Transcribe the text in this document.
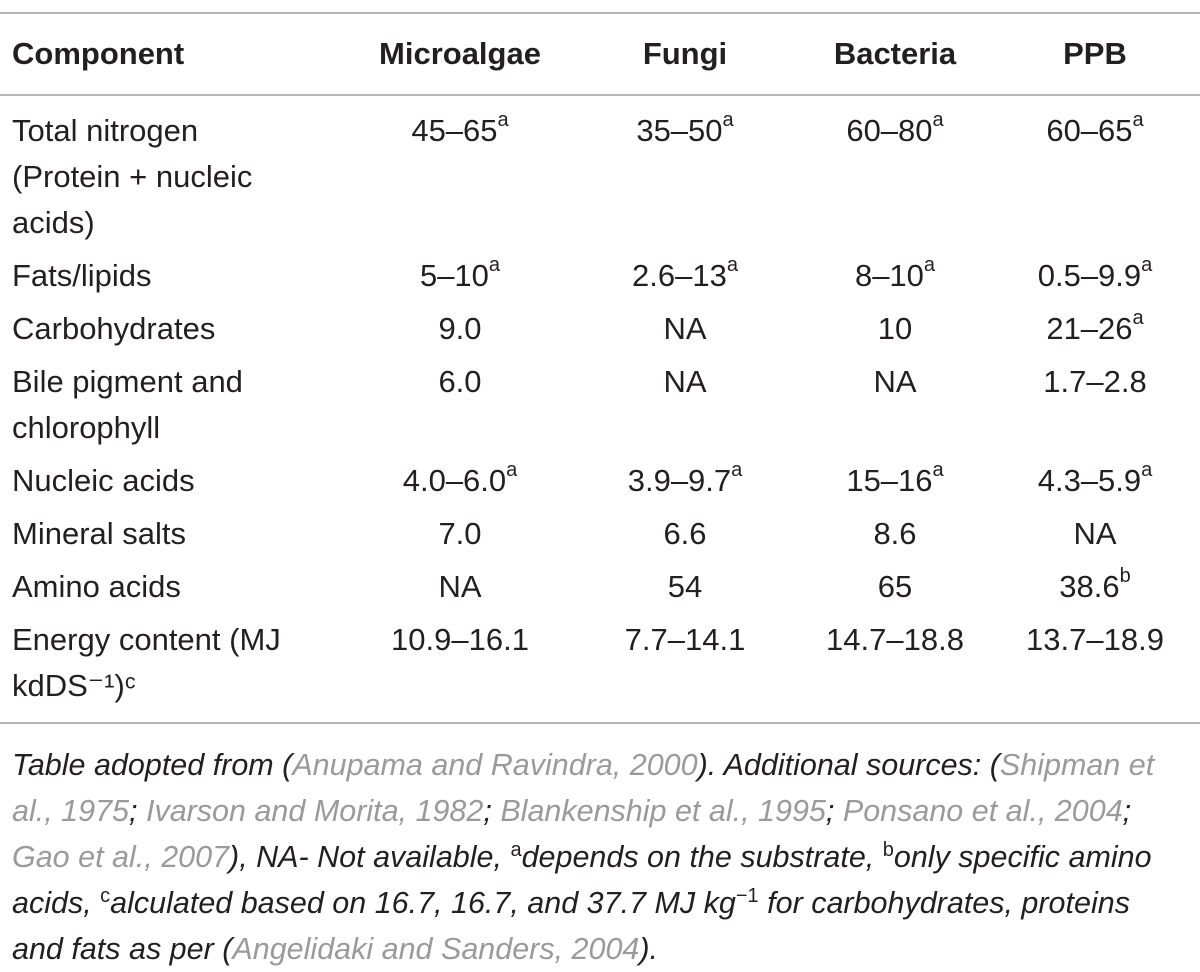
Component	Microalgae	Fungi	Bacteria	PPB
Total nitrogen
(Protein + nucleic
acids)	45–65$^a$	35–50$^a$	60–80$^a$	60–65$^a$
Fats/lipids	5–10$^a$	2.6–13$^a$	8–10$^a$	0.5–9.9$^a$
Carbohydrates	9.0	NA	10	21–26$^a$
Bile pigment and
chlorophyll	6.0	NA	NA	1.7–2.8
Nucleic acids	4.0–6.0$^a$	3.9–9.7$^a$	15–16$^a$	4.3–5.9$^a$
Mineral salts	7.0	6.6	8.6	NA
Amino acids	NA	54	65	38.6$^b$
Energy content (MJ
kdDS⁻¹)ᶜ	10.9–16.1	7.7–14.1	14.7–18.8	13.7–18.9
Table adopted from (Anupama and Ravindra, 2000). Additional sources: (Shipman et al., 1975; Ivarson and Morita, 1982; Blankenship et al., 1995; Ponsano et al., 2004; Gao et al., 2007), NA- Not available, $^a$depends on the substrate, $^b$only specific amino acids, $^c$alculated based on 16.7, 16.7, and 37.7 MJ $kg^{-1}$ for carbohydrates, proteins and fats as per (Angelidaki and Sanders, 2004).
